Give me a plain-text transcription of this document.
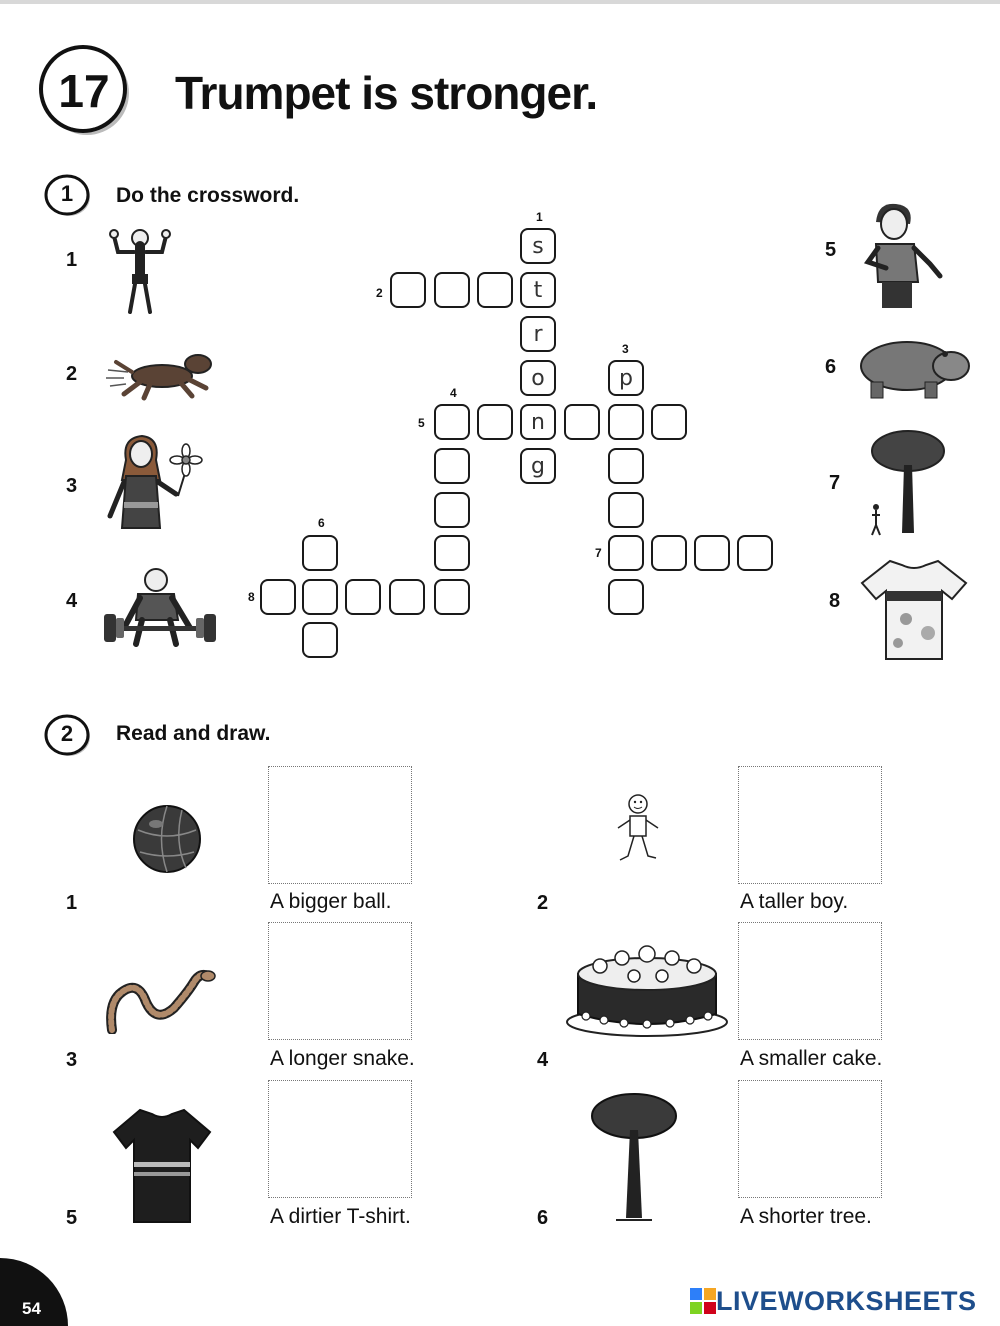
17 Trumpet is stronger.
1	Do the crossword.
1
2
3
4
5
6
7
8
s
t
r
o
n
g
p
1
2
3
4
5
6
7
8
2	Read and draw.
1	A bigger ball.	2	A taller boy.
3	A longer snake.	4	A smaller cake.
5	A dirtier T-shirt.	6	A shorter tree.
54	LIVEWORKSHEETS
